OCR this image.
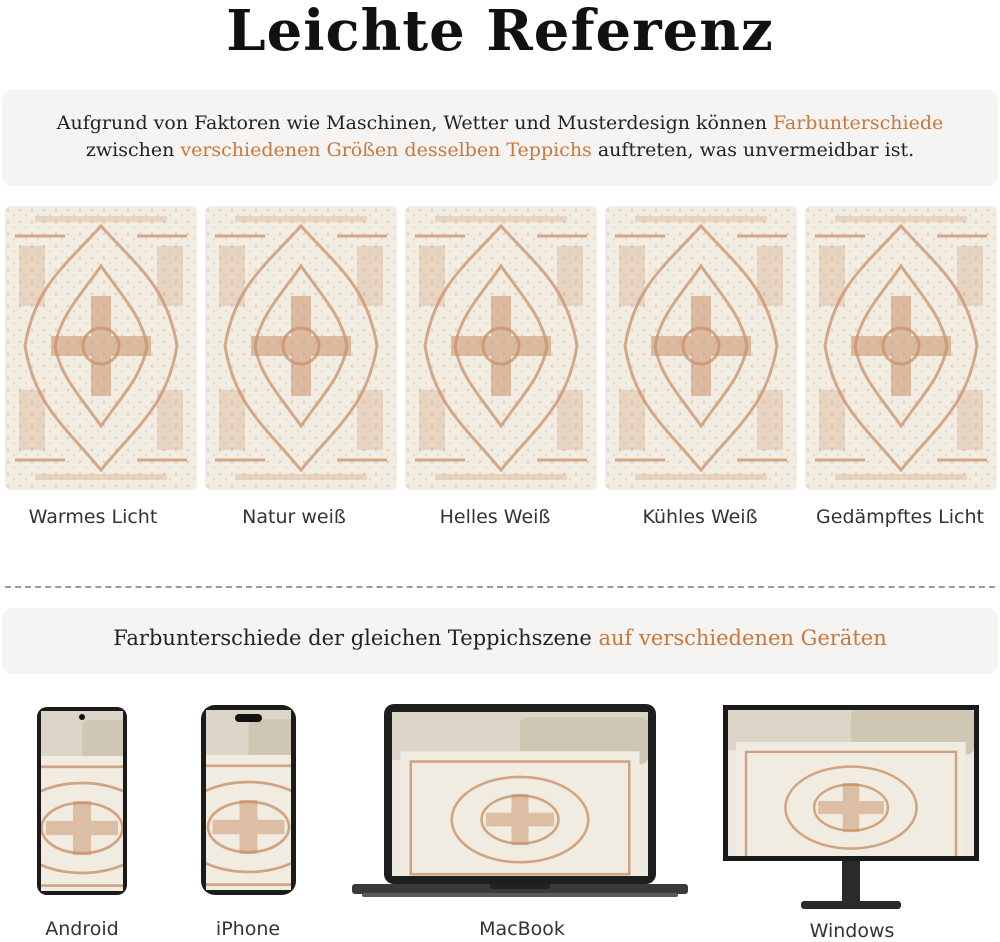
Leichte Referenz
Aufgrund von Faktoren wie Maschinen, Wetter und Musterdesign können Farbunterschiede
zwischen verschiedenen Größen desselben Teppichs auftreten, was unvermeidbar ist.
Warmes Licht	Natur weiß	Helles Weiß	Kühles Weiß	Gedämpftes Licht
Farbunterschiede der gleichen Teppichszene auf verschiedenen Geräten
Android	iPhone	MacBook	Windows
